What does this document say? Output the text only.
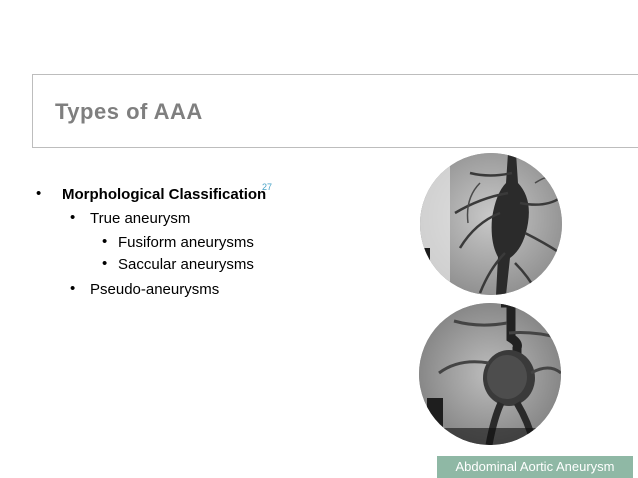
Types of AAA
• Morphological Classification
• True aneurysm
• Fusiform aneurysms
• Saccular aneurysms
• Pseudo-aneurysms
27
Abdominal Aortic Aneurysm
